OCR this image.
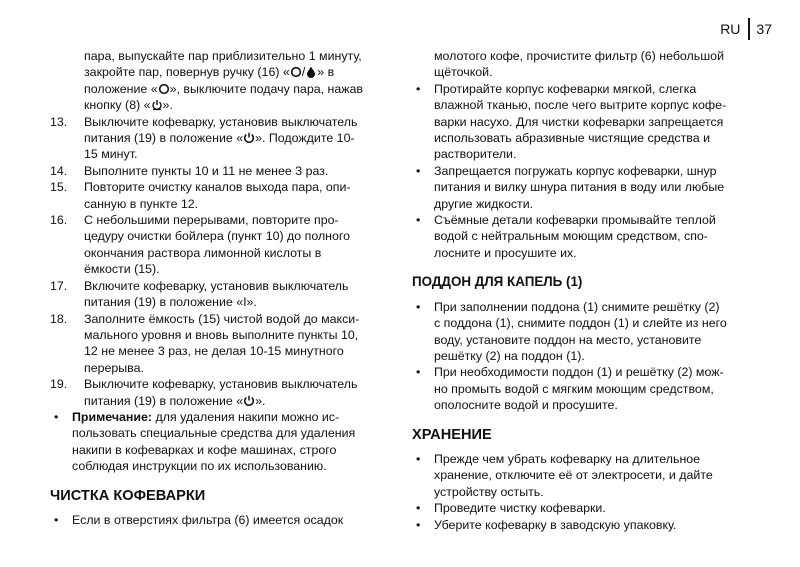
RU 37
пара, выпускайте пар приблизительно 1 минуту,
закройте пар, повернув ручку (16) « / » в
положение « », выключите подачу пара, нажав
кнопку (8) « ».
13.	Выключите кофеварку, установив выключатель
питания (19) в положение « ». Подождите 10-
15 минут.
14.	Выполните пункты 10 и 11 не менее 3 раз.
15.	Повторите очистку каналов выхода пара, опи-
санную в пункте 12.
16.	С небольшими перерывами, повторите про-
цедуру очистки бойлера (пункт 10) до полного
окончания раствора лимонной кислоты в
ёмкости (15).
17.	Включите кофеварку, установив выключатель
питания (19) в положение «I».
18.	Заполните ёмкость (15) чистой водой до макси-
мального уровня и вновь выполните пункты 10,
12 не менее 3 раз, не делая 10-15 минутного
перерыва.
19.	Выключите кофеварку, установив выключатель
питания (19) в положение « ».
•	Примечание: для удаления накипи можно ис-
пользовать специальные средства для удаления
накипи в кофеварках и кофе машинах, строго
соблюдая инструкции по их использованию.
ЧИСТКА КОФЕВАРКИ
•	Если в отверстиях фильтра (6) имеется осадок
молотого кофе, прочистите фильтр (6) небольшой
щёточкой.
•	Протирайте корпус кофеварки мягкой, слегка
влажной тканью, после чего вытрите корпус кофе-
варки насухо. Для чистки кофеварки запрещается
использовать абразивные чистящие средства и
растворители.
•	Запрещается погружать корпус кофеварки, шнур
питания и вилку шнура питания в воду или любые
другие жидкости.
•	Съёмные детали кофеварки промывайте теплой
водой с нейтральным моющим средством, спо-
лосните и просушите их.
ПОДДОН ДЛЯ КАПЕЛЬ (1)
•	При заполнении поддона (1) снимите решётку (2)
с поддона (1), снимите поддон (1) и слейте из него
воду, установите поддон на место, установите
решётку (2) на поддон (1).
•	При необходимости поддон (1) и решётку (2) мож-
но промыть водой с мягким моющим средством,
ополосните водой и просушите.
ХРАНЕНИЕ
•	Прежде чем убрать кофеварку на длительное
хранение, отключите её от электросети, и дайте
устройству остыть.
•	Проведите чистку кофеварки.
•	Уберите кофеварку в заводскую упаковку.
